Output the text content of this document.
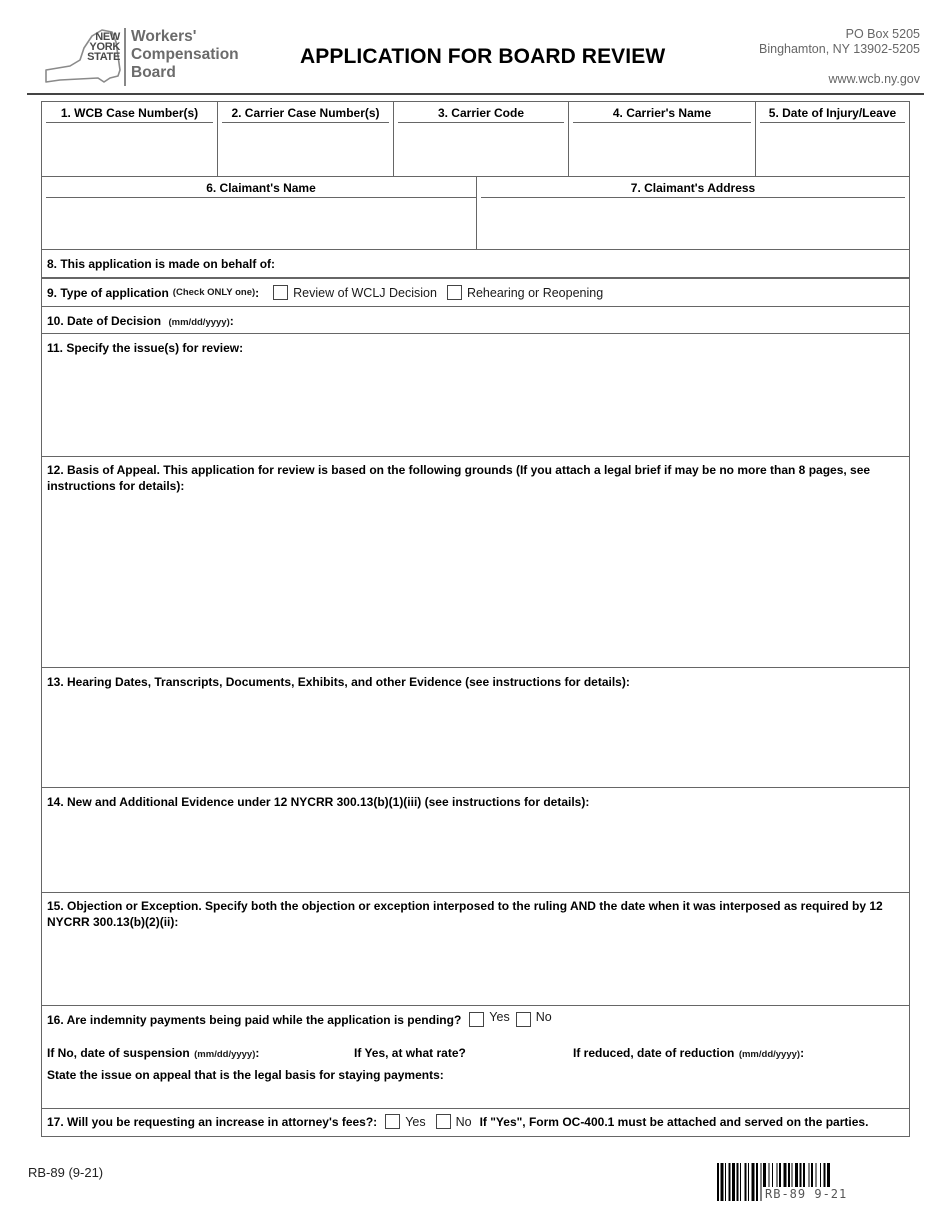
NEW
YORK
STATE
Workers'
Compensation
Board
APPLICATION FOR BOARD REVIEW
PO Box 5205
Binghamton, NY 13902-5205
www.wcb.ny.gov
1. WCB Case Number(s)	2. Carrier Case Number(s)	3. Carrier Code	4. Carrier's Name	5. Date of Injury/Leave
6. Claimant's Name	7. Claimant's Address
8. This application is made on behalf of:
9. Type of application (Check ONLY one) :	Review of WCLJ Decision Rehearing or Reopening
10. Date of Decision (mm/dd/yyyy):
11. Specify the issue(s) for review:
12. Basis of Appeal. This application for review is based on the following grounds (If you attach a legal brief if may be no more than 8 pages, see instructions for details):
13. Hearing Dates, Transcripts, Documents, Exhibits, and other Evidence (see instructions for details):
14. New and Additional Evidence under 12 NYCRR 300.13(b)(1)(iii) (see instructions for details):
15. Objection or Exception. Specify both the objection or exception interposed to the ruling AND the date when it was interposed as required by 12 NYCRR 300.13(b)(2)(ii):
16. Are indemnity payments being paid while the application is pending? Yes No
If No, date of suspension (mm/dd/yyyy):	If Yes, at what rate?	If reduced, date of reduction (mm/dd/yyyy):
State the issue on appeal that is the legal basis for staying payments:
17. Will you be requesting an increase in attorney's fees?: Yes No If "Yes", Form OC-400.1 must be attached and served on the parties.
RB-89 (9-21)
RB-89 9-21
